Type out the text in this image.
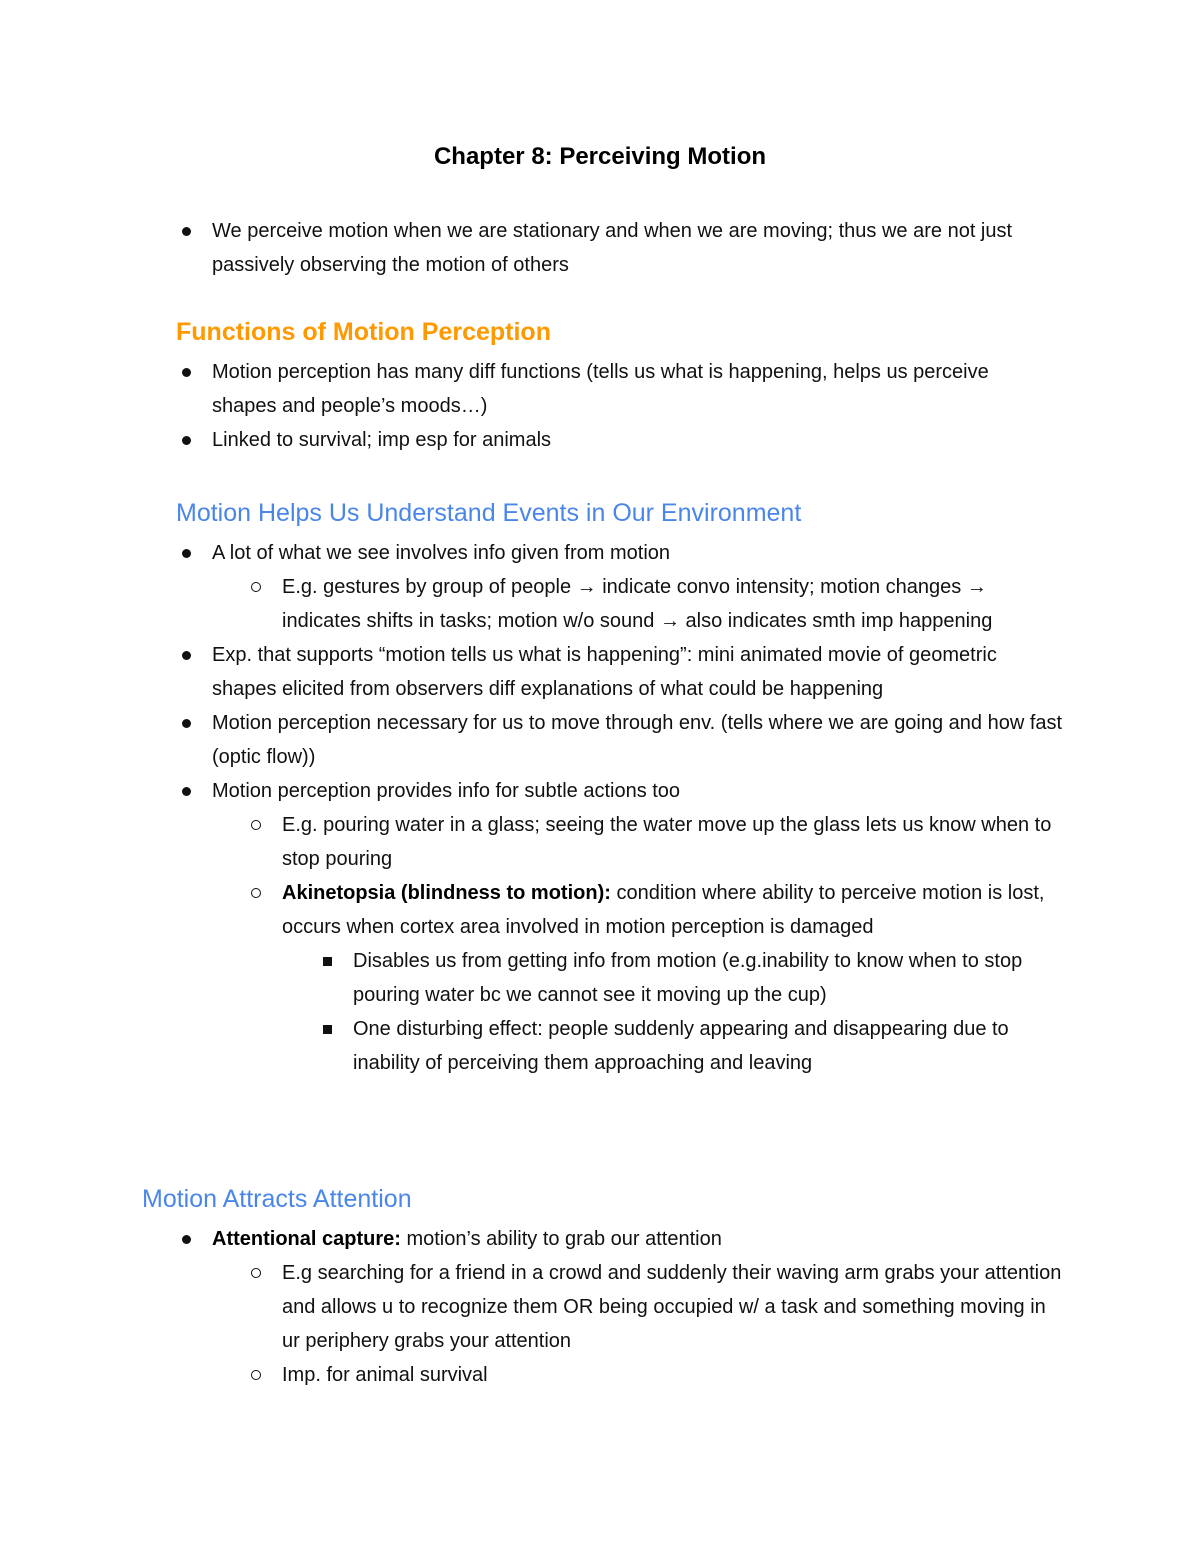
Chapter 8: Perceiving Motion
We perceive motion when we are stationary and when we are moving; thus we are not just passively observing the motion of others
Functions of Motion Perception
Motion perception has many diff functions (tells us what is happening, helps us perceive shapes and people’s moods…)
Linked to survival; imp esp for animals
Motion Helps Us Understand Events in Our Environment
A lot of what we see involves info given from motion
E.g. gestures by group of people → indicate convo intensity; motion changes → indicates shifts in tasks; motion w/o sound → also indicates smth imp happening
Exp. that supports “motion tells us what is happening”: mini animated movie of geometric shapes elicited from observers diff explanations of what could be happening
Motion perception necessary for us to move through env. (tells where we are going and how fast (optic flow))
Motion perception provides info for subtle actions too
E.g. pouring water in a glass; seeing the water move up the glass lets us know when to stop pouring
Akinetopsia (blindness to motion): condition where ability to perceive motion is lost, occurs when cortex area involved in motion perception is damaged
Disables us from getting info from motion (e.g.inability to know when to stop pouring water bc we cannot see it moving up the cup)
One disturbing effect: people suddenly appearing and disappearing due to inability of perceiving them approaching and leaving
Motion Attracts Attention
Attentional capture: motion’s ability to grab our attention
E.g searching for a friend in a crowd and suddenly their waving arm grabs your attention and allows u to recognize them OR being occupied w/ a task and something moving in ur periphery grabs your attention
Imp. for animal survival
